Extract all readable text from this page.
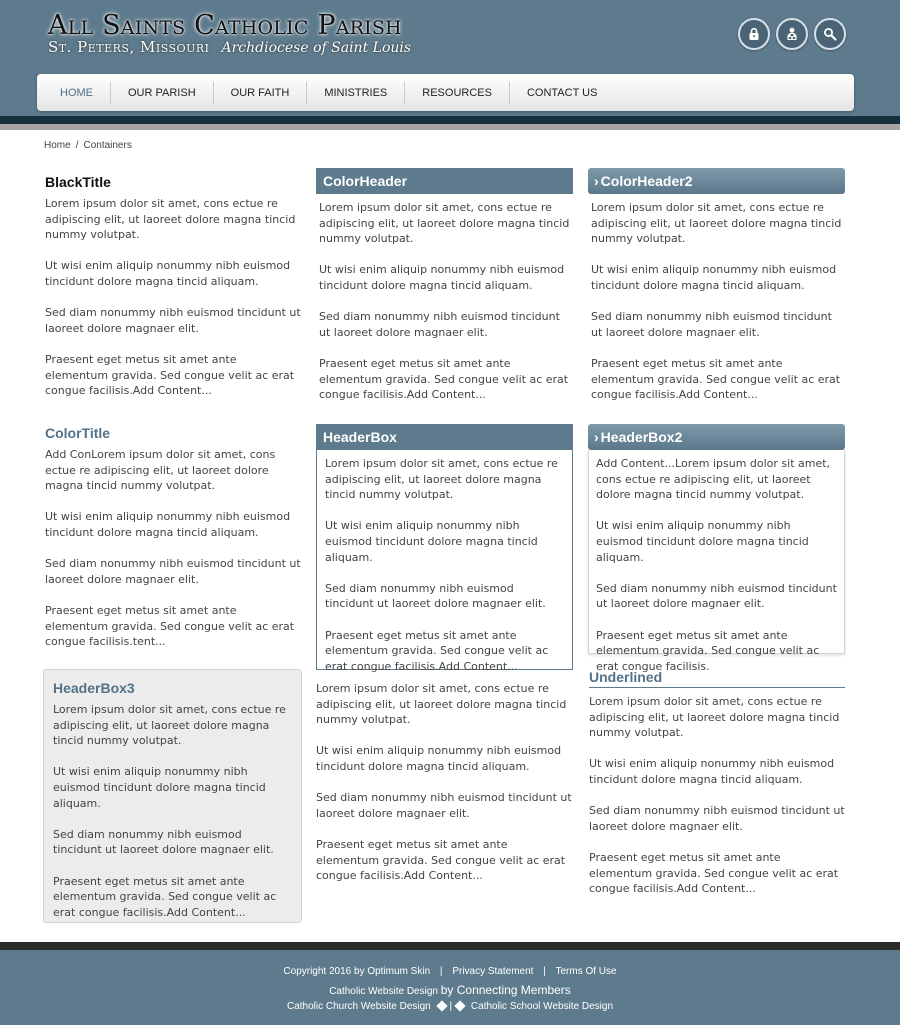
All Saints Catholic Parish
St. Peters, Missouri Archdiocese of Saint Louis
HOME	OUR PARISH	OUR FAITH	MINISTRIES	RESOURCES	CONTACT US
Home / Containers
BlackTitle

Lorem ipsum dolor sit amet, cons ectue re adipiscing elit, ut laoreet dolore magna tincid nummy volutpat.

Ut wisi enim aliquip nonummy nibh euismod tincidunt dolore magna tincid aliquam.

Sed diam nonummy nibh euismod tincidunt ut laoreet dolore magnaer elit.

Praesent eget metus sit amet ante elementum gravida. Sed congue velit ac erat congue facilisis.Add Content...

ColorTitle

Add ConLorem ipsum dolor sit amet, cons ectue re adipiscing elit, ut laoreet dolore magna tincid nummy volutpat.

Ut wisi enim aliquip nonummy nibh euismod tincidunt dolore magna tincid aliquam.

Sed diam nonummy nibh euismod tincidunt ut laoreet dolore magnaer elit.

Praesent eget metus sit amet ante elementum gravida. Sed congue velit ac erat congue facilisis.tent...

HeaderBox3

Lorem ipsum dolor sit amet, cons ectue re adipiscing elit, ut laoreet dolore magna tincid nummy volutpat.

Ut wisi enim aliquip nonummy nibh euismod tincidunt dolore magna tincid aliquam.

Sed diam nonummy nibh euismod tincidunt ut laoreet dolore magnaer elit.

Praesent eget metus sit amet ante elementum gravida. Sed congue velit ac erat congue facilisis.Add Content...

ColorHeader

Lorem ipsum dolor sit amet, cons ectue re adipiscing elit, ut laoreet dolore magna tincid nummy volutpat.

Ut wisi enim aliquip nonummy nibh euismod tincidunt dolore magna tincid aliquam.

Sed diam nonummy nibh euismod tincidunt ut laoreet dolore magnaer elit.

Praesent eget metus sit amet ante elementum gravida. Sed congue velit ac erat congue facilisis.Add Content...

HeaderBox

Lorem ipsum dolor sit amet, cons ectue re adipiscing elit, ut laoreet dolore magna tincid nummy volutpat.

Ut wisi enim aliquip nonummy nibh euismod tincidunt dolore magna tincid aliquam.

Sed diam nonummy nibh euismod tincidunt ut laoreet dolore magnaer elit.

Praesent eget metus sit amet ante elementum gravida. Sed congue velit ac erat congue facilisis.Add Content...

Lorem ipsum dolor sit amet, cons ectue re adipiscing elit, ut laoreet dolore magna tincid nummy volutpat.

Ut wisi enim aliquip nonummy nibh euismod tincidunt dolore magna tincid aliquam.

Sed diam nonummy nibh euismod tincidunt ut laoreet dolore magnaer elit.

Praesent eget metus sit amet ante elementum gravida. Sed congue velit ac erat congue facilisis.Add Content...

› ColorHeader2

Lorem ipsum dolor sit amet, cons ectue re adipiscing elit, ut laoreet dolore magna tincid nummy volutpat.

Ut wisi enim aliquip nonummy nibh euismod tincidunt dolore magna tincid aliquam.

Sed diam nonummy nibh euismod tincidunt ut laoreet dolore magnaer elit.

Praesent eget metus sit amet ante elementum gravida. Sed congue velit ac erat congue facilisis.Add Content...

› HeaderBox2

Add Content...Lorem ipsum dolor sit amet, cons ectue re adipiscing elit, ut laoreet dolore magna tincid nummy volutpat.

Ut wisi enim aliquip nonummy nibh euismod tincidunt dolore magna tincid aliquam.

Sed diam nonummy nibh euismod tincidunt ut laoreet dolore magnaer elit.

Praesent eget metus sit amet ante elementum gravida. Sed congue velit ac erat congue facilisis.

Underlined

Lorem ipsum dolor sit amet, cons ectue re adipiscing elit, ut laoreet dolore magna tincid nummy volutpat.

Ut wisi enim aliquip nonummy nibh euismod tincidunt dolore magna tincid aliquam.

Sed diam nonummy nibh euismod tincidunt ut laoreet dolore magnaer elit.

Praesent eget metus sit amet ante elementum gravida. Sed congue velit ac erat congue facilisis.Add Content...

Copyright 2016 by Optimum Skin | Privacy Statement | Terms Of Use
Catholic Website Design by Connecting Members
Catholic Church Website Design | Catholic School Website Design
